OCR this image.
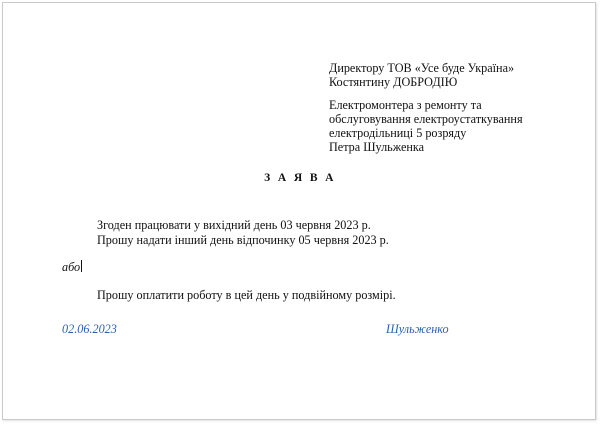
Директору ТОВ «Усе буде Україна»
Костянтину ДОБРОДІЮ
Електромонтера з ремонту та
обслуговування електроустаткування
електродільниці 5 розряду
Петра Шульженка
З А Я В А
Згоден працювати у вихідний день 03 червня 2023 р.
Прошу надати інший день відпочинку 05 червня 2023 р.
або
Прошу оплатити роботу в цей день у подвійному розмірі.
02.06.2023	Шульженко
